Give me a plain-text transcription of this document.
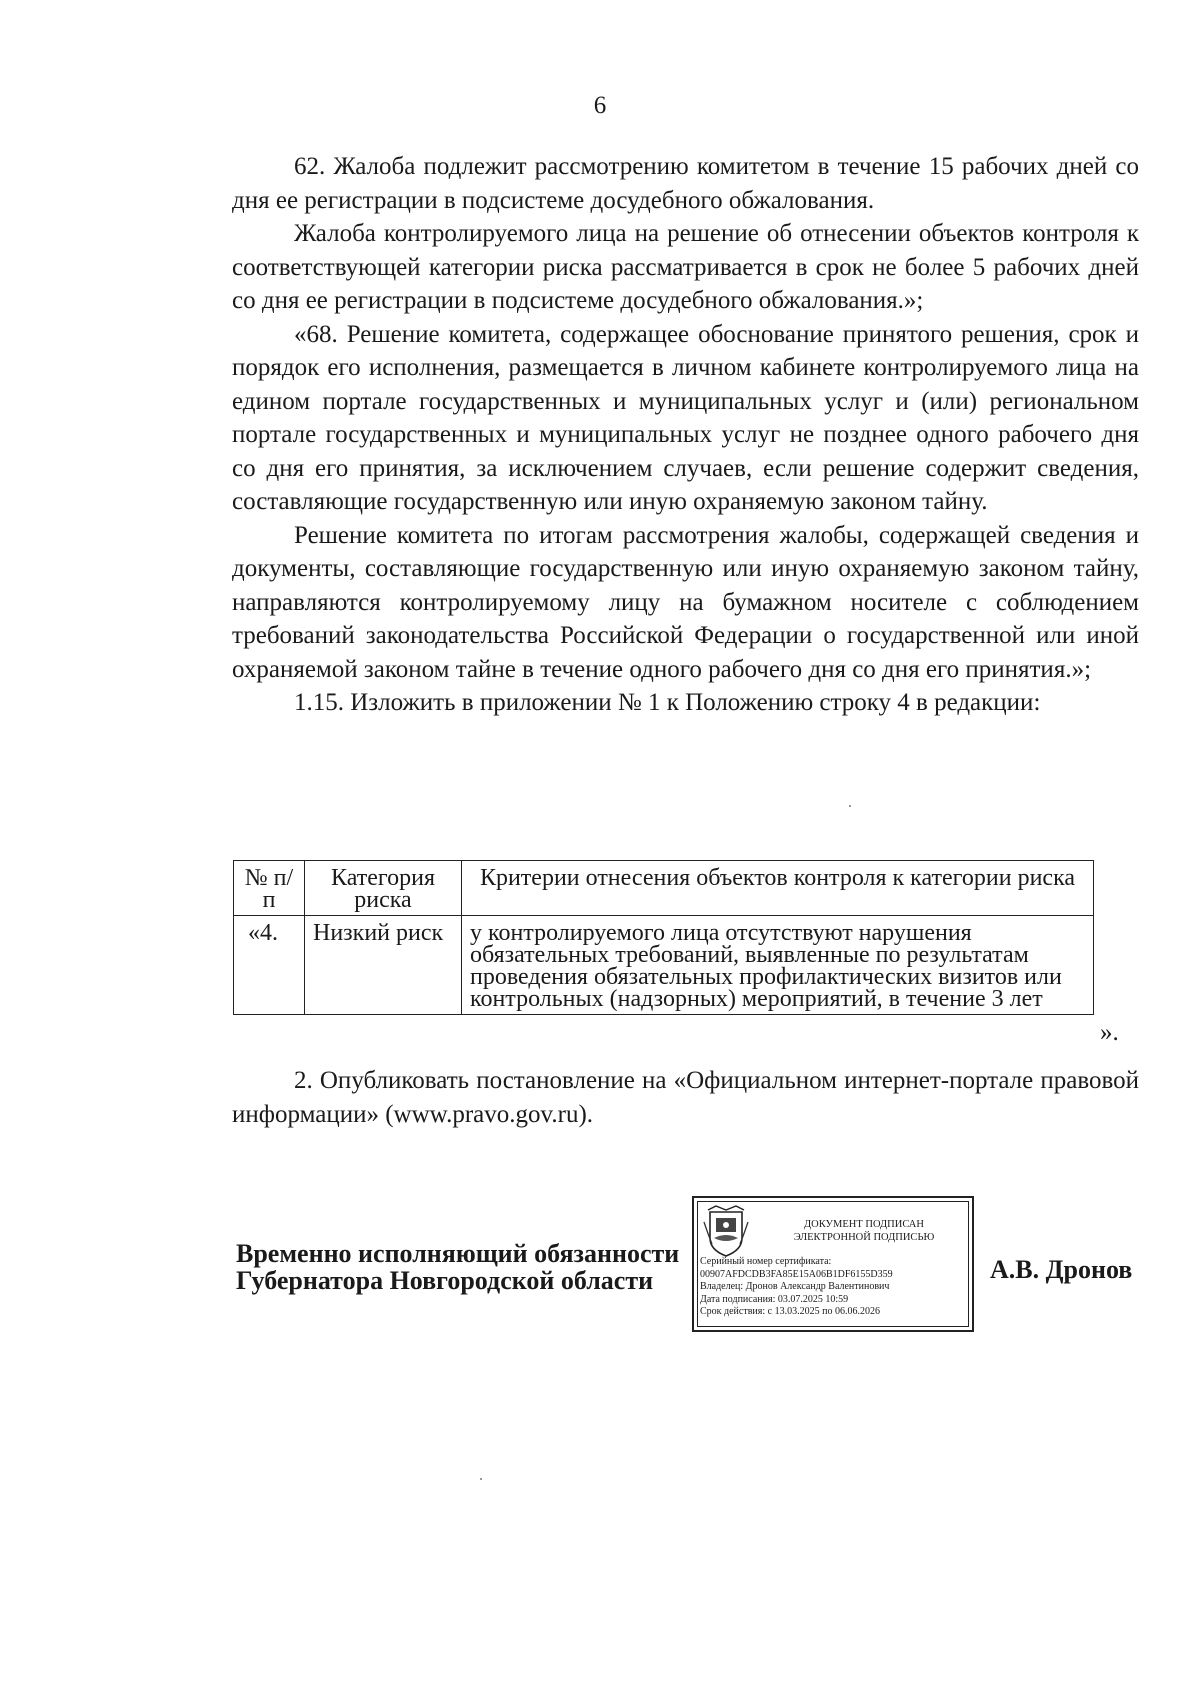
6

62. Жалоба подлежит рассмотрению комитетом в течение 15 рабочих дней со дня ее регистрации в подсистеме досудебного обжалования.

Жалоба контролируемого лица на решение об отнесении объектов контроля к соответствующей категории риска рассматривается в срок не более 5 рабочих дней со дня ее регистрации в подсистеме досудебного обжалования.»;

«68. Решение комитета, содержащее обоснование принятого решения, срок и порядок его исполнения, размещается в личном кабинете контролируемого лица на едином портале государственных и муниципальных услуг и (или) региональном портале государственных и муниципальных услуг не позднее одного рабочего дня со дня его принятия, за исключением случаев, если решение содержит сведения, составляющие государственную или иную охраняемую законом тайну.

Решение комитета по итогам рассмотрения жалобы, содержащей сведения и документы, составляющие государственную или иную охраняемую законом тайну, направляются контролируемому лицу на бумажном носителе с соблюдением требований законодательства Российской Федерации о государственной или иной охраняемой законом тайне в течение одного рабочего дня со дня его принятия.»;

1.15. Изложить в приложении № 1 к Положению строку 4 в редакции:

№ п/п	Категория риска	Критерии отнесения объектов контроля к категории риска
«4.	Низкий риск	у контролируемого лица отсутствуют нарушения обязательных требований, выявленные по результатам проведения обязательных профилактических визитов или контрольных (надзорных) мероприятий, в течение 3 лет
».

2. Опубликовать постановление на «Официальном интернет-портале правовой информации» (www.pravo.gov.ru).

Временно исполняющий обязанности
Губернатора Новгородской области
ДОКУМЕНТ ПОДПИСАН
ЭЛЕКТРОННОЙ ПОДПИСЬЮ
Серийный номер сертификата:
00907AFDCDB3FA85E15A06B1DF6155D359
Владелец: Дронов Александр Валентинович
Дата подписания: 03.07.2025 10:59
Срок действия: с 13.03.2025 по 06.06.2026
А.В. Дронов
